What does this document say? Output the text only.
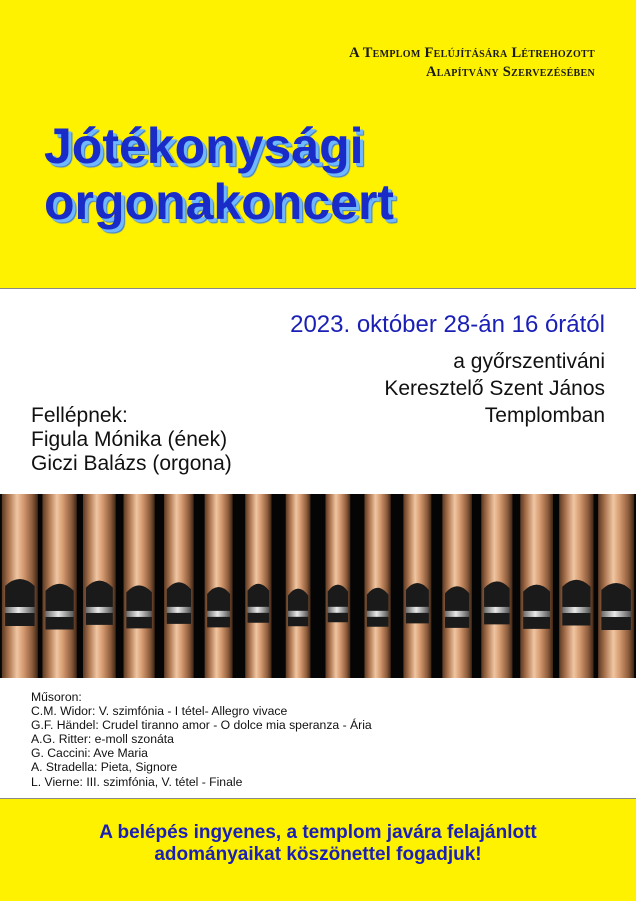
A Templom Felújítására Létrehozott
Alapítvány Szervezésében
Jótékonysági
orgonakoncert
2023. október 28-án 16 órától
a győrszentiváni
Keresztelő Szent János
Templomban
Fellépnek:
Figula Mónika (ének)
Giczi Balázs (orgona)
Műsoron:
C.M. Widor: V. szimfónia - I tétel- Allegro vivace
G.F. Händel: Crudel tiranno amor - O dolce mia speranza - Ária
A.G. Ritter: e-moll szonáta
G. Caccini: Ave Maria
A. Stradella: Pieta, Signore
L. Vierne: III. szimfónia, V. tétel - Finale
A belépés ingyenes, a templom javára felajánlott
adományaikat köszönettel fogadjuk!
